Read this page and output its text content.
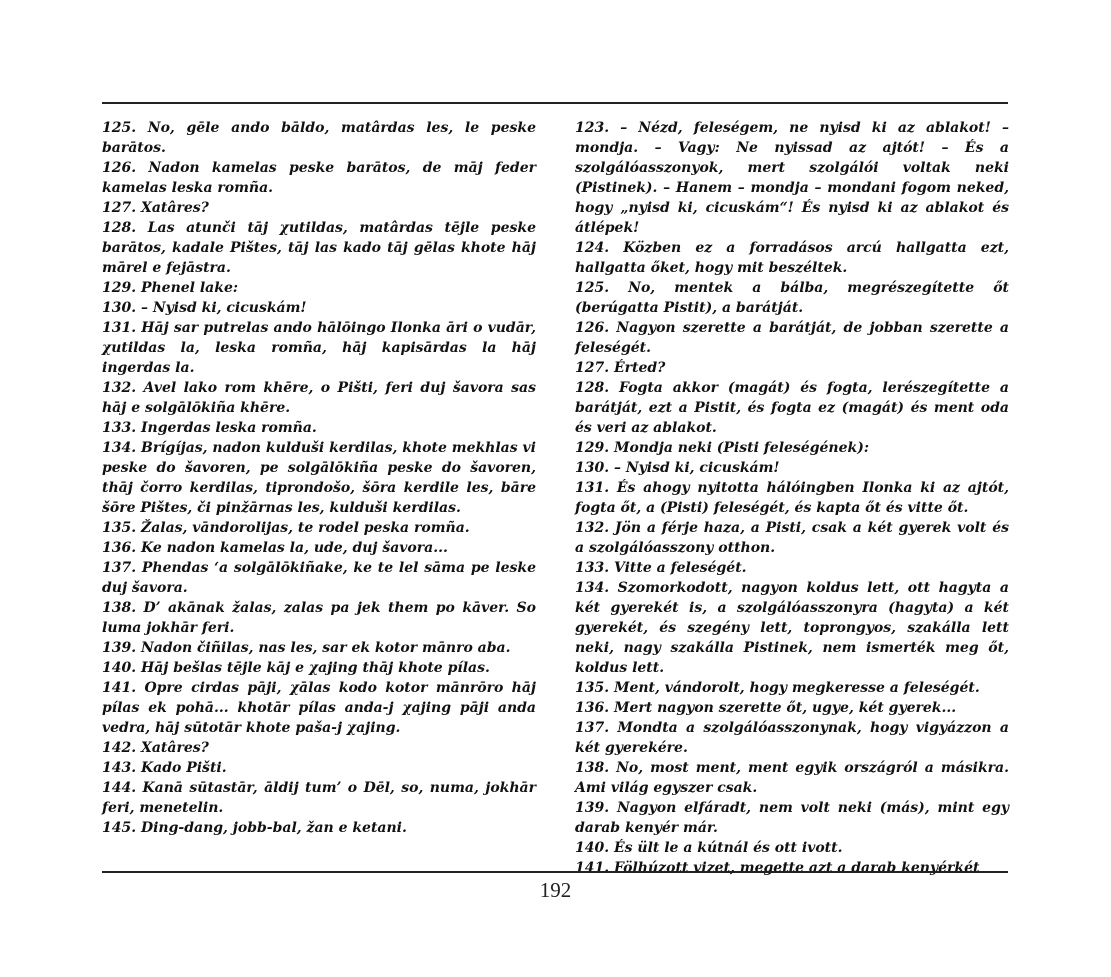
125. No, gēle ando bāldo, matârdas les, le peske barātos.

126. Nadon kamelas peske barātos, de māj feder kamelas leska romña.

127. Xatâres?

128. Las atunči tāj χutildas, matârdas tējle peske barātos, kadale Pištes, tāj las kado tāj gēlas khote hāj mārel e fejāstra.

129. Phenel lake:

130. – Nyisd ki, cicuskám!

131. Hāj sar putrelas ando hālōingo Ilonka āri o vudār, χutildas la, leska romña, hāj kapisārdas la hāj ingerdas la.

132. Avel lako rom khēre, o Pišti, feri duj šavora sas hāj e solgālōkiña khēre.

133. Ingerdas leska romña.

134. Brígíjas, nadon kulduši kerdilas, khote mekhlas vi peske do šavoren, pe solgālōkiña peske do šavoren, thāj čorro kerdilas, tiprondošo, šōra kerdile les, bāre šōre Pištes, či pinžārnas les, kulduši kerdilas.

135. Žalas, vāndorolijas, te rodel peska romña.

136. Ke nadon kamelas la, ude, duj šavora...

137. Phendas ‘a solgālōkiñake, ke te lel sāma pe leske duj šavora.

138. D’ akānak žalas, zalas pa jek them po kāver. So luma jokhār feri.

139. Nadon čiñilas, nas les, sar ek kotor mānro aba.

140. Hāj bešlas tējle kāj e χajing thāj khote pílas.

141. Opre cirdas pāji, χālas kodo kotor mānrōro hāj pílas ek pohā... khotār pílas anda-j χajing pāji anda vedra, hāj sūtotār khote paša-j χajing.

142. Xatâres?

143. Kado Pišti.

144. Kanā sūtastār, āldij tum’ o Dēl, so, numa, jokhār feri, menetelin.

145. Ding-dang, jobb-bal, žan e ketani.

123. – Nézd, feleségem, ne nyisd ki az ablakot! – mondja. – Vagy: Ne nyissad az ajtót! – És a szolgálóasszonyok, mert szolgálói voltak neki (Pistinek). – Hanem – mondja – mondani fogom neked, hogy „nyisd ki, cicuskám“! És nyisd ki az ablakot és átlépek!

124. Közben ez a forradásos arcú hallgatta ezt, hallgatta őket, hogy mit beszéltek.

125. No, mentek a bálba, megrészegítette őt (berúgatta Pistit), a barátját.

126. Nagyon szerette a barátját, de jobban szerette a feleségét.

127. Érted?

128. Fogta akkor (magát) és fogta, lerészegítette a barátját, ezt a Pistit, és fogta ez (magát) és ment oda és veri az ablakot.

129. Mondja neki (Pisti feleségének):

130. – Nyisd ki, cicuskám!

131. És ahogy nyitotta hálóingben Ilonka ki az ajtót, fogta őt, a (Pisti) feleségét, és kapta őt és vitte őt.

132. Jön a férje haza, a Pisti, csak a két gyerek volt és a szolgálóasszony otthon.

133. Vitte a feleségét.

134. Szomorkodott, nagyon koldus lett, ott hagyta a két gyerekét is, a szolgálóasszonyra (hagyta) a két gyerekét, és szegény lett, toprongyos, szakálla lett neki, nagy szakálla Pistinek, nem ismerték meg őt, koldus lett.

135. Ment, vándorolt, hogy megkeresse a feleségét.

136. Mert nagyon szerette őt, ugye, két gyerek...

137. Mondta a szolgálóasszonynak, hogy vigyázzon a két gyerekére.

138. No, most ment, ment egyik országról a másikra. Ami világ egyszer csak.

139. Nagyon elfáradt, nem volt neki (más), mint egy darab kenyér már.

140. És ült le a kútnál és ott ivott.

141. Fölhúzott vizet, megette azt a darab kenyérkét

192
